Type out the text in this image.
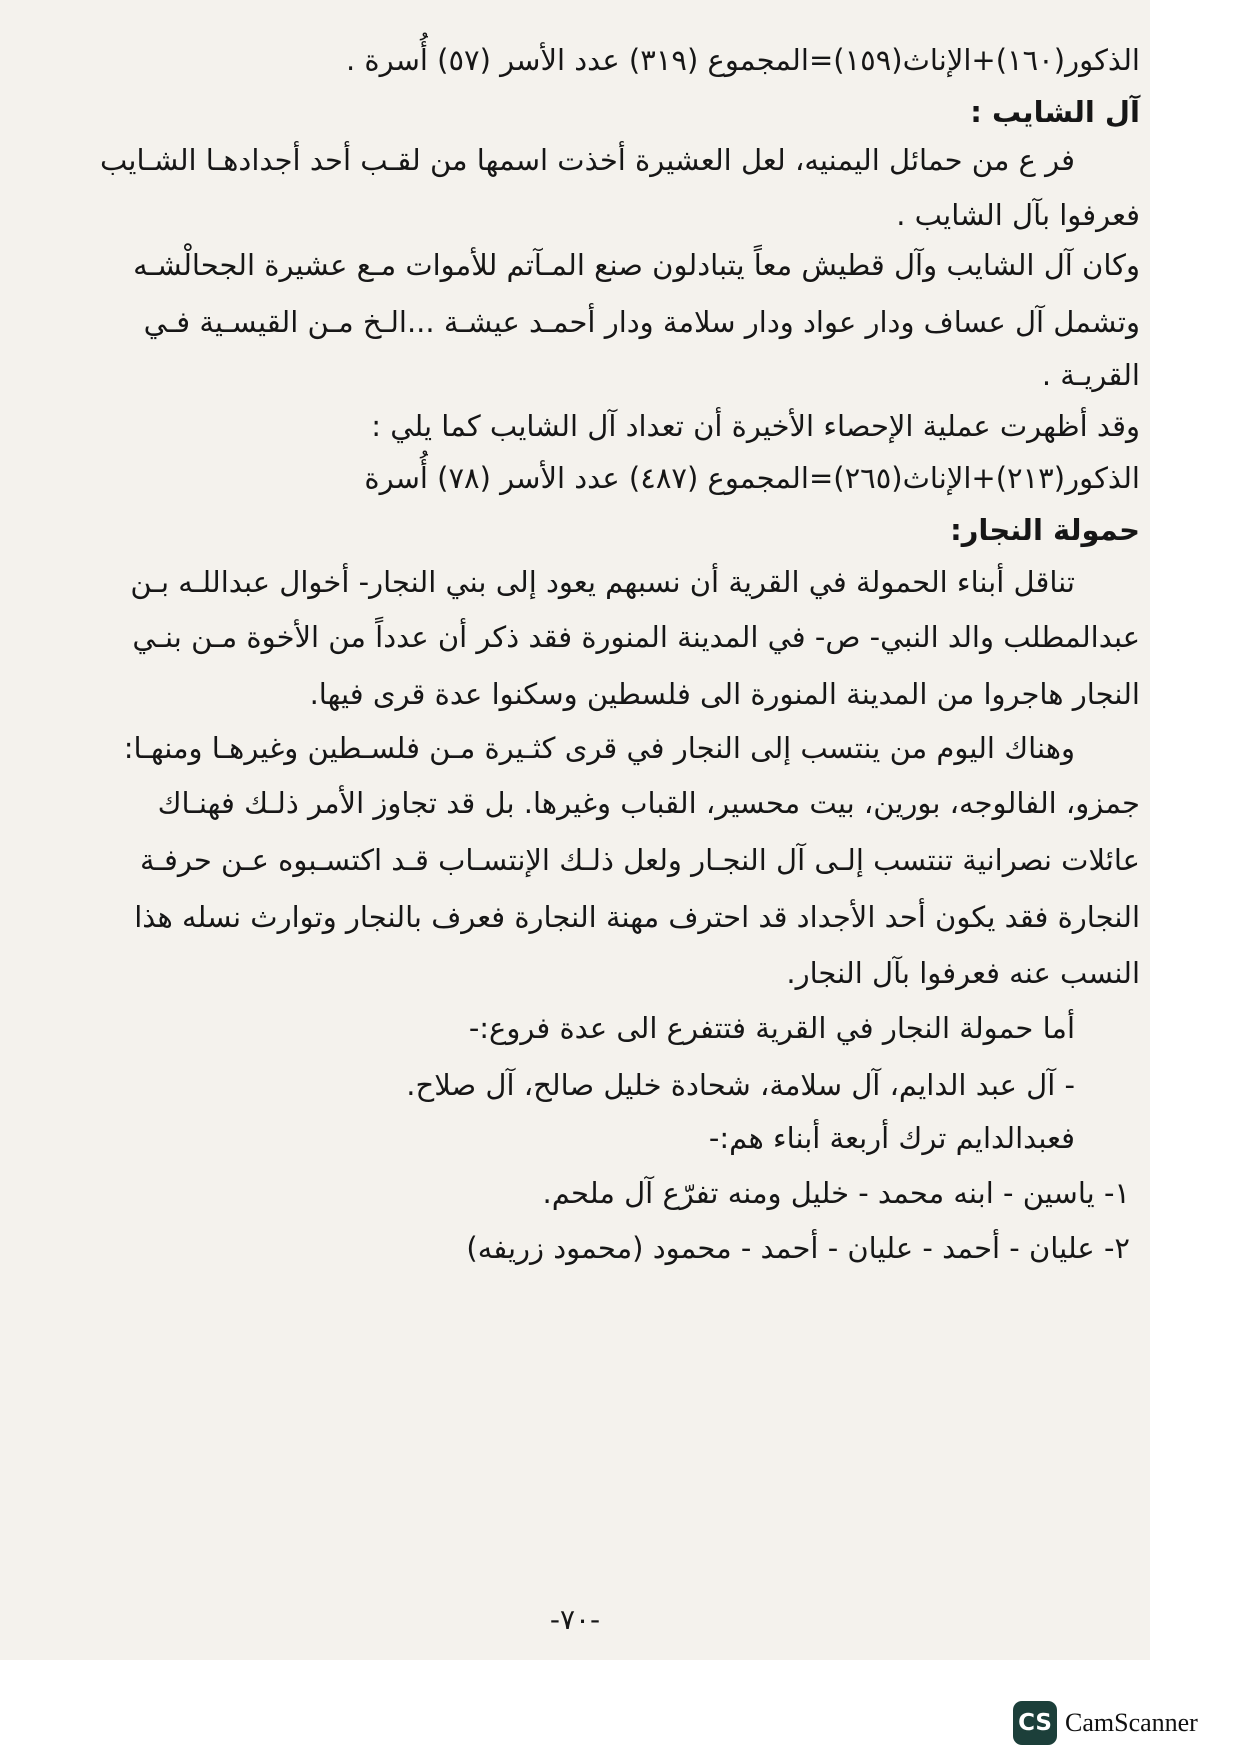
الذكور(١٦٠)+الإناث(١٥٩)=المجموع (٣١٩) عدد الأسر (٥٧) أُسرة .
آل الشايب :
فر ع من حمائل اليمنيه، لعل العشيرة أخذت اسمها من لقـب أحد أجدادهـا الشـايب
فعرفوا بآل الشايب .
وكان آل الشايب وآل قطيش معاً يتبادلون صنع المـآتم للأموات مـع عشيرة الجحالْشـه
وتشمل آل عساف ودار عواد ودار سلامة ودار أحمـد عيشـة ...الـخ مـن القيسـية فـي
القريـة .
وقد أظهرت عملية الإحصاء الأخيرة أن تعداد آل الشايب كما يلي :
الذكور(٢١٣)+الإناث(٢٦٥)=المجموع (٤٨٧) عدد الأسر (٧٨) أُسرة
حمولة النجار:
تناقل أبناء الحمولة في القرية أن نسبهم يعود إلى بني النجار- أخوال عبداللـه بـن
عبدالمطلب والد النبي- ص- في المدينة المنورة فقد ذكر أن عدداً من الأخوة مـن بنـي
النجار هاجروا من المدينة المنورة الى فلسطين وسكنوا عدة قرى فيها.
وهناك اليوم من ينتسب إلى النجار في قرى كثـيرة مـن فلسـطين وغيرهـا ومنهـا:
جمزو، الفالوجه، بورين، بيت محسير، القباب وغيرها. بل قد تجاوز الأمر ذلـك فهنـاك
عائلات نصرانية تنتسب إلـى آل النجـار ولعل ذلـك الإنتسـاب قـد اكتسـبوه عـن حرفـة
النجارة فقد يكون أحد الأجداد قد احترف مهنة النجارة فعرف بالنجار وتوارث نسله هذا
النسب عنه فعرفوا بآل النجار.
أما حمولة النجار في القرية فتتفرع الى عدة فروع:-
- آل عبد الدايم، آل سلامة، شحادة خليل صالح، آل صلاح.
فعبدالدايم ترك أربعة أبناء هم:-
١- ياسين - ابنه محمد - خليل ومنه تفرّع آل ملحم.
٢- عليان - أحمد - عليان - أحمد - محمود (محمود زريفه)
-٧٠-
CS CamScanner
